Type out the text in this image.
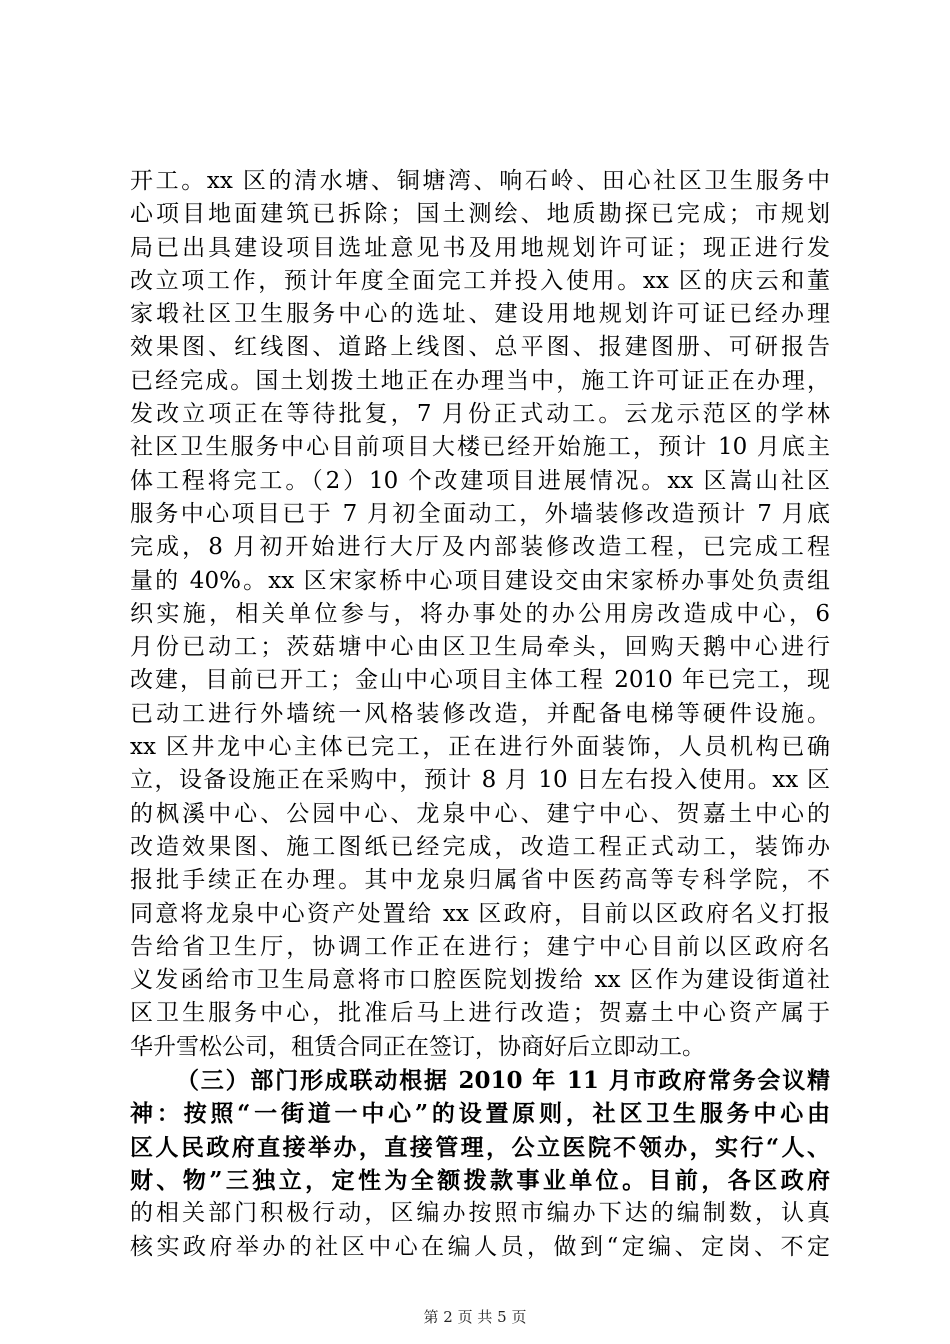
开工。xx 区的清水塘、铜塘湾、响石岭、田心社区卫生服务中
心项目地面建筑已拆除；国土测绘、地质勘探已完成；市规划
局已出具建设项目选址意见书及用地规划许可证；现正进行发
改立项工作，预计年度全面完工并投入使用。xx 区的庆云和董
家塅社区卫生服务中心的选址、建设用地规划许可证已经办理
效果图、红线图、道路上线图、总平图、报建图册、可研报告
已经完成。国土划拨土地正在办理当中，施工许可证正在办理，
发改立项正在等待批复，7 月份正式动工。云龙示范区的学林
社区卫生服务中心目前项目大楼已经开始施工，预计 10 月底主
体工程将完工。（2）10 个改建项目进展情况。xx 区嵩山社区
服务中心项目已于 7 月初全面动工，外墙装修改造预计 7 月底
完成，8 月初开始进行大厅及内部装修改造工程，已完成工程
量的 40%。xx 区宋家桥中心项目建设交由宋家桥办事处负责组
织实施，相关单位参与，将办事处的办公用房改造成中心，6
月份已动工；茨菇塘中心由区卫生局牵头，回购天鹅中心进行
改建，目前已开工；金山中心项目主体工程 2010 年已完工，现
已动工进行外墙统一风格装修改造，并配备电梯等硬件设施。
xx 区井龙中心主体已完工，正在进行外面装饰，人员机构已确
立，设备设施正在采购中，预计 8 月 10 日左右投入使用。xx 区
的枫溪中心、公园中心、龙泉中心、建宁中心、贺嘉土中心的
改造效果图、施工图纸已经完成，改造工程正式动工，装饰办
报批手续正在办理。其中龙泉归属省中医药高等专科学院，不
同意将龙泉中心资产处置给 xx 区政府，目前以区政府名义打报
告给省卫生厅，协调工作正在进行；建宁中心目前以区政府名
义发函给市卫生局意将市口腔医院划拨给 xx 区作为建设街道社
区卫生服务中心，批准后马上进行改造；贺嘉土中心资产属于
华升雪松公司，租赁合同正在签订，协商好后立即动工。
（三）部门形成联动根据 2010 年 11 月市政府常务会议精
神：按照“一街道一中心”的设置原则，社区卫生服务中心由
区人民政府直接举办，直接管理，公立医院不领办，实行“人、
财、物”三独立，定性为全额拨款事业单位。目前，各区政府
的相关部门积极行动，区编办按照市编办下达的编制数，认真
核实政府举办的社区中心在编人员，做到“定编、定岗、不定
第 2 页 共 5 页
